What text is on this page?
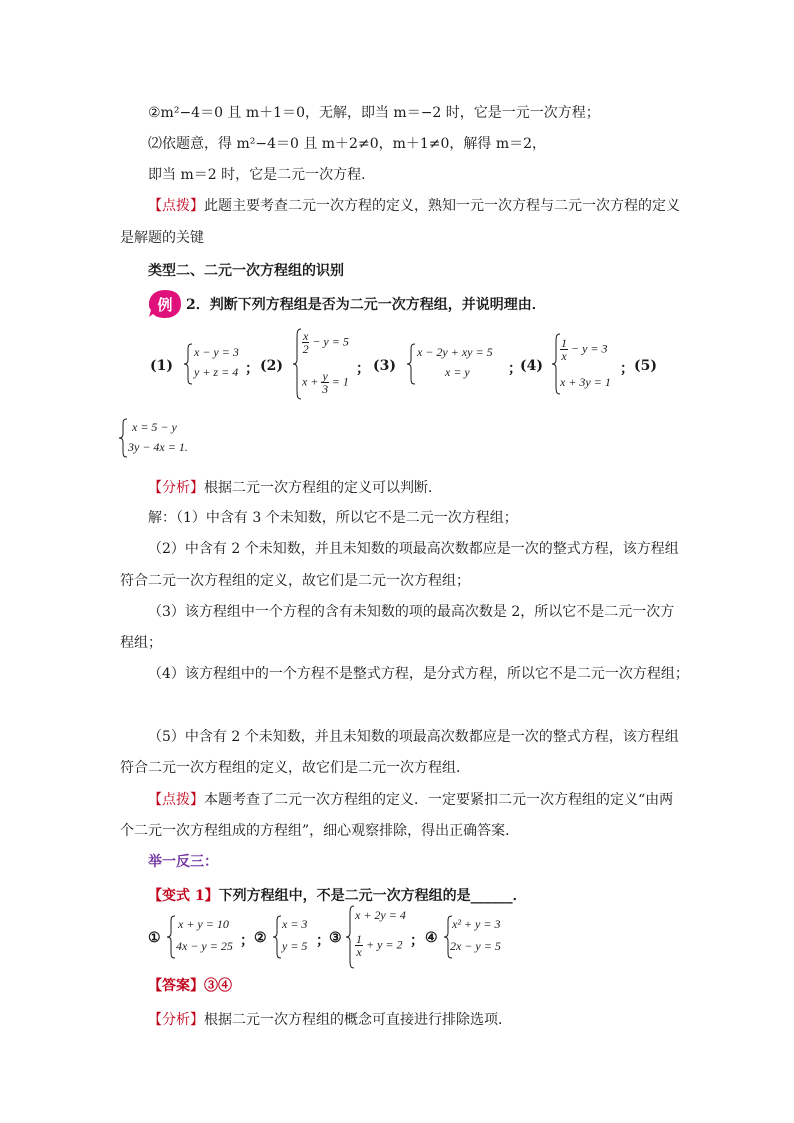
②m²−4＝0 且 m＋1＝0，无解，即当 m＝−2 时，它是一元一次方程；
⑵依题意，得 m²−4＝0 且 m＋2≠0，m＋1≠0，解得 m＝2，
即当 m＝2 时，它是二元一次方程．
【点拨】此题主要考查二元一次方程的定义，熟知一元一次方程与二元一次方程的定义
是解题的关键
类型二、二元一次方程组的识别
例 2．判断下列方程组是否为二元一次方程组，并说明理由．
(1)
x − y = 3
y + z = 4 ； (2)
$\frac{x}{2} - y = 5$
$x + \frac{y}{3} = 1$
； (3)
x − 2y + xy = 5
x = y	；
(4)
$\frac{1}{x} - y = 3$
x + 3y = 1
； (5)
x = 5 − y
3y − 4x = 1.
【分析】根据二元一次方程组的定义可以判断．
解：（1）中含有 3 个未知数，所以它不是二元一次方程组；
（2）中含有 2 个未知数，并且未知数的项最高次数都应是一次的整式方程，该方程组
符合二元一次方程组的定义，故它们是二元一次方程组；
（3）该方程组中一个方程的含有未知数的项的最高次数是 2，所以它不是二元一次方
程组；
（4）该方程组中的一个方程不是整式方程，是分式方程，所以它不是二元一次方程组；
（5）中含有 2 个未知数，并且未知数的项最高次数都应是一次的整式方程，该方程组
符合二元一次方程组的定义，故它们是二元一次方程组．
【点拨】本题考查了二元一次方程组的定义．一定要紧扣二元一次方程组的定义“由两
个二元一次方程组成的方程组”，细心观察排除，得出正确答案．
举一反三：
【变式 1】下列方程组中，不是二元一次方程组的是______．
①
x + y = 10
4x − y = 25 ； ②
x = 3
y = 5 ； ③
x + 2y = 4
$\frac{1}{x} + y = 2$ ； ④
x² + y = 3
2x − y = 5
【答案】③④
【分析】根据二元一次方程组的概念可直接进行排除选项．
